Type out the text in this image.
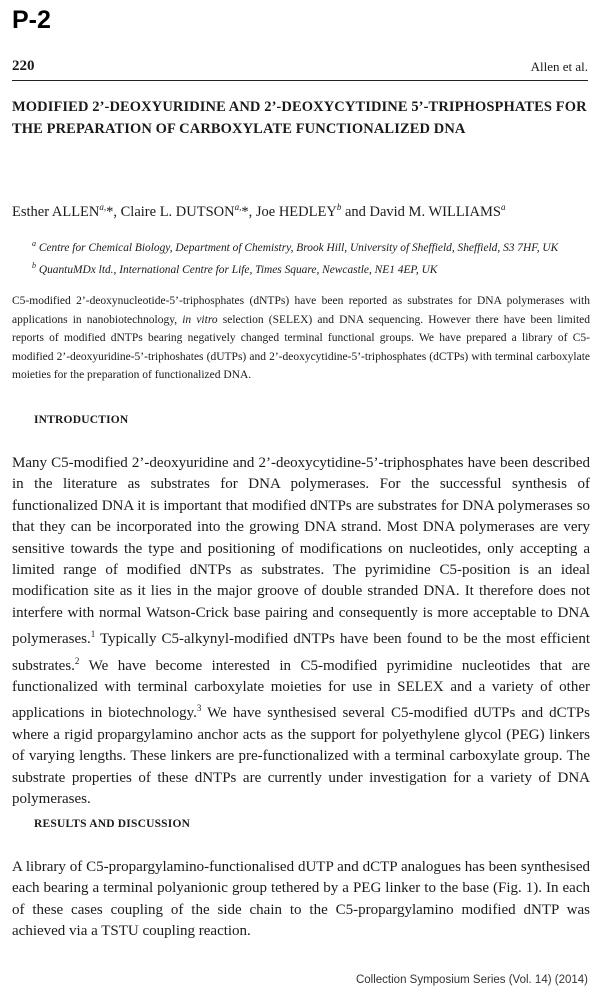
P-2
220	Allen et al.
MODIFIED 2’-DEOXYURIDINE AND 2’-DEOXYCYTIDINE 5’-TRIPHOSPHATES FOR THE PREPARATION OF CARBOXYLATE FUNCTIONALIZED DNA
Esther $ALLEN^{a,}*$, Claire L. $DUTSON^{a,}*$, Joe HEDLEY$^b$ and David M. WILLIAMS$^a$
$^a$ Centre for Chemical Biology, Department of Chemistry, Brook Hill, University of Sheffield, Sheffield, S3 7HF, UK
$^b$ QuantuMDx ltd., International Centre for Life, Times Square, Newcastle, NE1 4EP, UK

C5-modified 2’-deoxynucleotide-5’-triphosphates (dNTPs) have been reported as substrates for DNA polymerases with applications in nanobiotechnology, in vitro selection (SELEX) and DNA sequencing. However there have been limited reports of modified dNTPs bearing negatively changed terminal functional groups. We have prepared a library of C5-modified 2’-deoxyuridine-5’-triphoshates (dUTPs) and 2’-deoxycytidine-5’-triphosphates (dCTPs) with terminal carboxylate moieties for the preparation of functionalized DNA.

INTRODUCTION

Many C5-modified 2’-deoxyuridine and 2’-deoxycytidine-5’-triphosphates have been described in the literature as substrates for DNA polymerases. For the successful synthesis of functionalized DNA it is important that modified dNTPs are substrates for DNA polymerases so that they can be incorporated into the growing DNA strand. Most DNA polymerases are very sensitive towards the type and positioning of modifications on nucleotides, only accepting a limited range of modified dNTPs as substrates. The pyrimidine C5-position is an ideal modification site as it lies in the major groove of double stranded DNA. It therefore does not interfere with normal Watson-Crick base pairing and consequently is more acceptable to DNA polymerases.$^1$ Typically C5-alkynyl-modified dNTPs have been found to be the most efficient substrates.$^2$ We have become interested in C5-modified pyrimidine nucleotides that are functionalized with terminal carboxylate moieties for use in SELEX and a variety of other applications in biotechnology.$^3$ We have synthesised several C5-modified dUTPs and dCTPs where a rigid propargylamino anchor acts as the support for polyethylene glycol (PEG) linkers of varying lengths. These linkers are pre-functionalized with a terminal carboxylate group. The substrate properties of these dNTPs are currently under investigation for a variety of DNA polymerases.

RESULTS AND DISCUSSION

A library of C5-propargylamino-functionalised dUTP and dCTP analogues has been synthesised each bearing a terminal polyanionic group tethered by a PEG linker to the base (Fig. 1). In each of these cases coupling of the side chain to the C5-propargylamino modified dNTP was achieved via a TSTU coupling reaction.

Collection Symposium Series (Vol. 14) (2014)
